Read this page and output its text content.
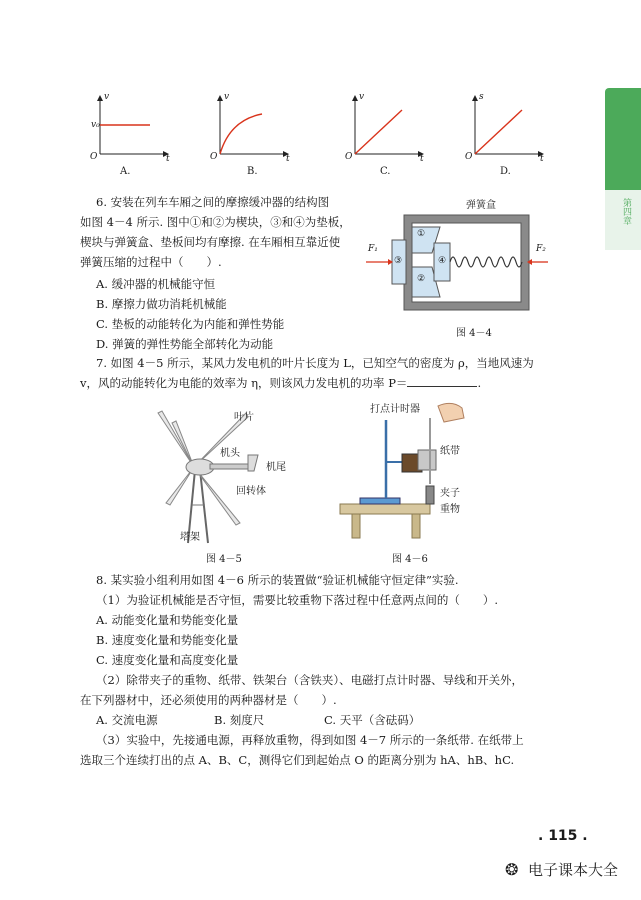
第四章
v
v₀
O	t
A.
v
O	t
B.
v
O	t
C.
s
O	t
D.
6. 安装在列车车厢之间的摩擦缓冲器的结构图
如图 4－4 所示. 图中①和②为楔块，③和④为垫板，
楔块与弹簧盒、垫板间均有摩擦. 在车厢相互靠近使
弹簧压缩的过程中（　　）.
A. 缓冲器的机械能守恒
B. 摩擦力做功消耗机械能
C. 垫板的动能转化为内能和弹性势能
D. 弹簧的弹性势能全部转化为动能
弹簧盒
①
②
③	④
F₁	F₂
图 4－4
7. 如图 4－5 所示，某风力发电机的叶片长度为 L，已知空气的密度为 ρ，当地风速为
v，风的动能转化为电能的效率为 η，则该风力发电机的功率 P＝	.
叶片
机头
机尾
回转体
塔架
图 4－5
打点计时器
纸带
夹子
重物
图 4－6
8. 某实验小组利用如图 4－6 所示的装置做“验证机械能守恒定律”实验.
（1）为验证机械能是否守恒，需要比较重物下落过程中任意两点间的（　　）.
A. 动能变化量和势能变化量
B. 速度变化量和势能变化量
C. 速度变化量和高度变化量
（2）除带夹子的重物、纸带、铁架台（含铁夹）、电磁打点计时器、导线和开关外，
在下列器材中，还必须使用的两种器材是（　　）.
A. 交流电源	B. 刻度尺	C. 天平（含砝码）
（3）实验中，先接通电源，再释放重物，得到如图 4－7 所示的一条纸带. 在纸带上
选取三个连续打出的点 A、B、C，测得它们到起始点 O 的距离分别为 hA、hB、hC.
. 115 .
❂ 电子课本大全
